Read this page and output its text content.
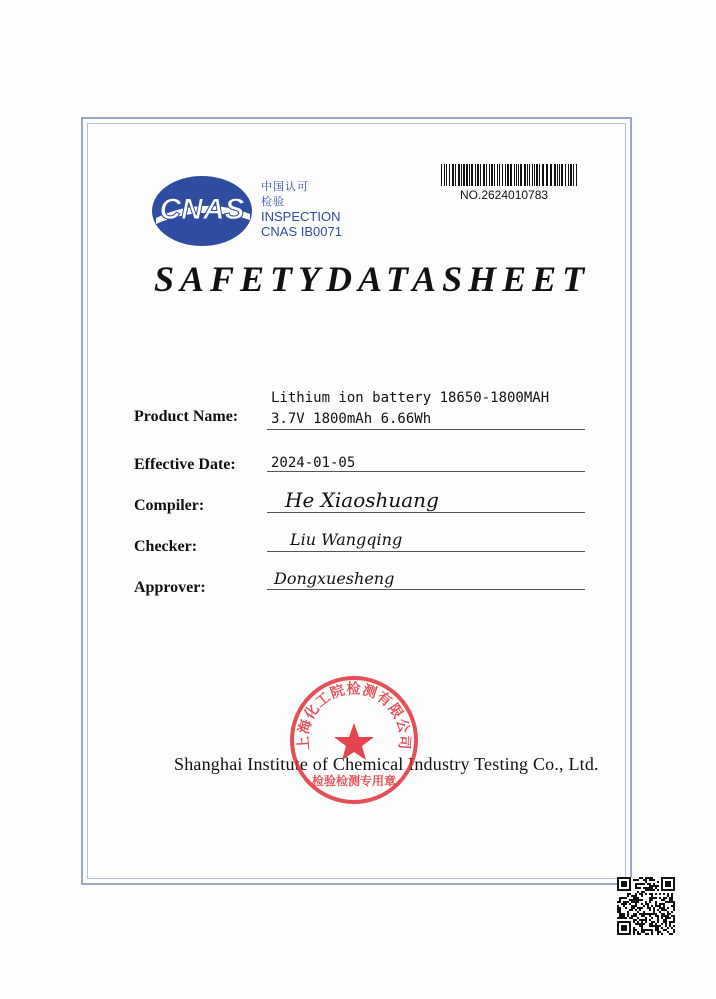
CNAS
中国认可
检验
INSPECTION
CNAS IB0071
NO.2624010783
SAFETYDATASHEET
Product Name:
Lithium ion battery 18650-1800MAH
3.7V 1800mAh 6.66Wh
Effective Date:	2024-01-05
Compiler:	He Xiaoshuang
Checker:	Liu Wangqing
Approver:	Dongxuesheng
Shanghai Institute of Chemical Industry Testing Co., Ltd.
上海化工院检测有限公司
检验检测专用章
